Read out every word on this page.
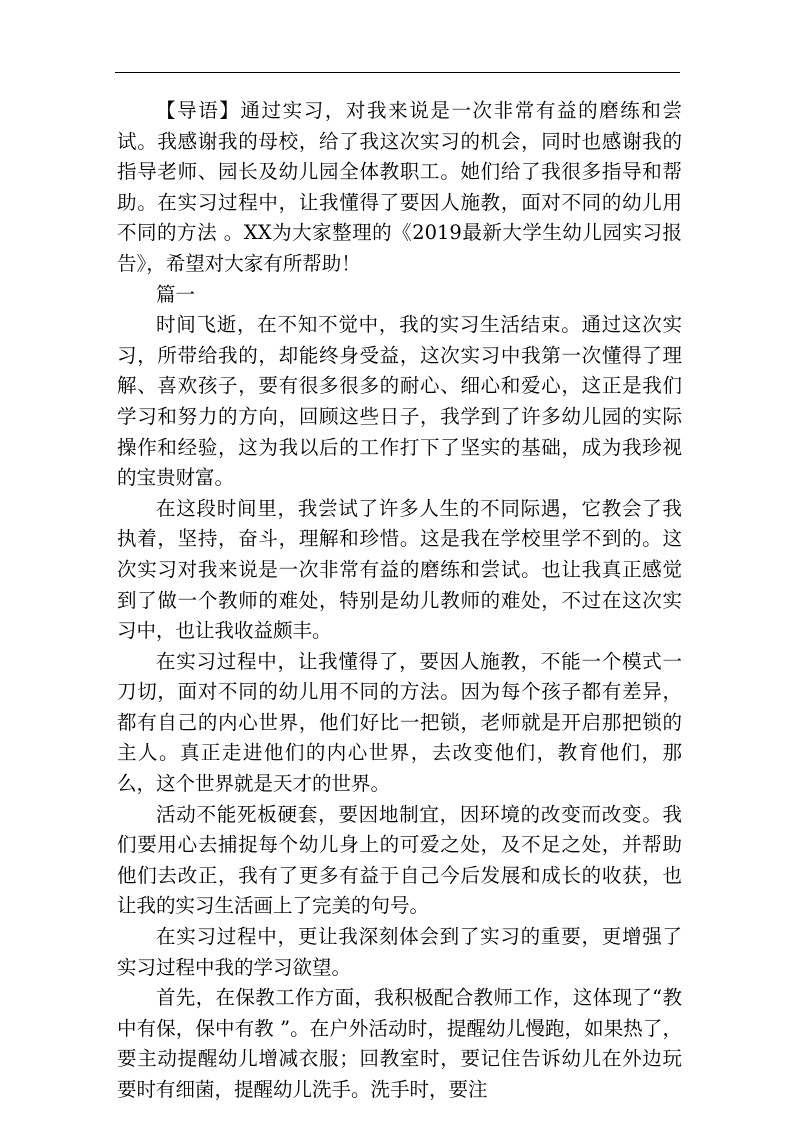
【导语】通过实习，对我来说是一次非常有益的磨练和尝试。我感谢我的母校，给了我这次实习的机会，同时也感谢我的指导老师、园长及幼儿园全体教职工。她们给了我很多指导和帮助。在实习过程中，让我懂得了要因人施教，面对不同的幼儿用不同的方法 。XX为大家整理的《2019最新大学生幼儿园实习报告》，希望对大家有所帮助！

篇一

时间飞逝，在不知不觉中，我的实习生活结束。通过这次实习，所带给我的，却能终身受益，这次实习中我第一次懂得了理解、喜欢孩子，要有很多很多的耐心、细心和爱心，这正是我们学习和努力的方向，回顾这些日子，我学到了许多幼儿园的实际操作和经验，这为我以后的工作打下了坚实的基础，成为我珍视的宝贵财富。

在这段时间里，我尝试了许多人生的不同际遇，它教会了我执着，坚持，奋斗，理解和珍惜。这是我在学校里学不到的。这次实习对我来说是一次非常有益的磨练和尝试。也让我真正感觉到了做一个教师的难处，特别是幼儿教师的难处，不过在这次实习中，也让我收益颇丰。

在实习过程中，让我懂得了，要因人施教，不能一个模式一刀切，面对不同的幼儿用不同的方法。因为每个孩子都有差异，都有自己的内心世界，他们好比一把锁，老师就是开启那把锁的主人。真正走进他们的内心世界，去改变他们，教育他们，那么，这个世界就是天才的世界。

活动不能死板硬套，要因地制宜，因环境的改变而改变。我们要用心去捕捉每个幼儿身上的可爱之处，及不足之处，并帮助他们去改正，我有了更多有益于自己今后发展和成长的收获，也让我的实习生活画上了完美的句号。

在实习过程中，更让我深刻体会到了实习的重要，更增强了实习过程中我的学习欲望。

首先，在保教工作方面，我积极配合教师工作，这体现了“教中有保，保中有教 ”。在户外活动时，提醒幼儿慢跑，如果热了，要主动提醒幼儿增减衣服；回教室时，要记住告诉幼儿在外边玩要时有细菌，提醒幼儿洗手。洗手时，要注
